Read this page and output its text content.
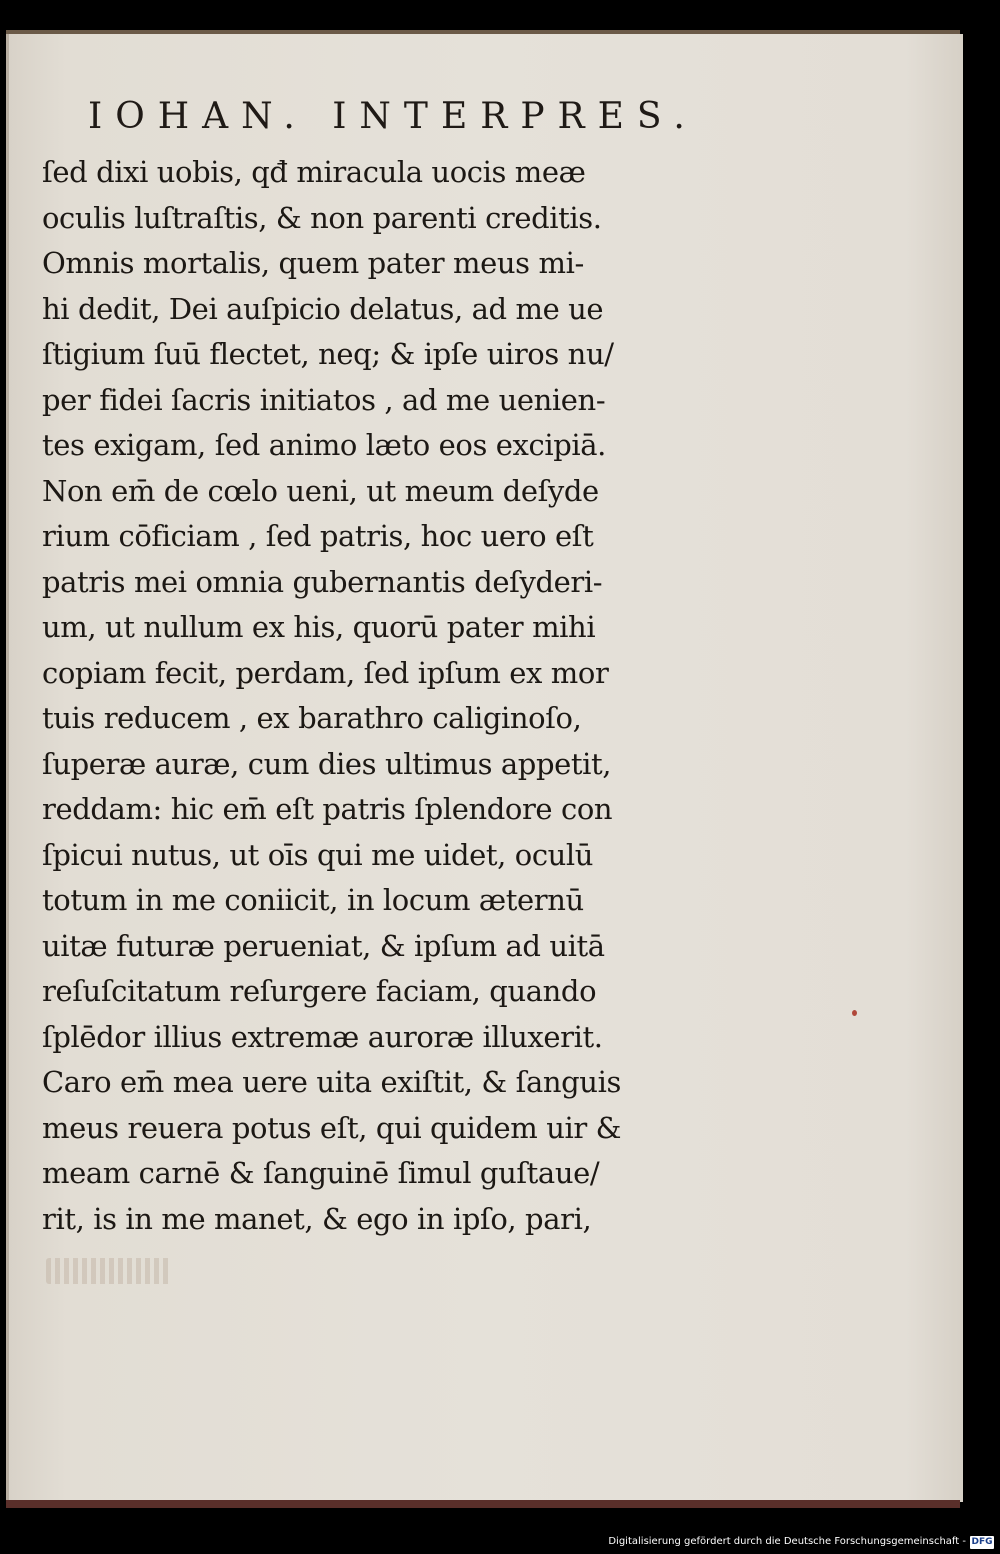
IOHAN. INTERPRES.
ſed dixi uobis, qđ miracula uocis meæ
oculis luſtraſtis, & non parenti creditis.
Omnis mortalis, quem pater meus mi-
hi dedit, Dei auſpicio delatus, ad me ue
ſtigium ſuū flectet, neq; & ipſe uiros nu/
per fidei ſacris initiatos , ad me uenien-
tes exigam, ſed animo læto eos excipiā.
Non em̄ de cœlo ueni, ut meum deſyde
rium cōficiam , ſed patris, hoc uero eſt
patris mei omnia gubernantis deſyderi-
um, ut nullum ex his, quorū pater mihi
copiam fecit, perdam, ſed ipſum ex mor
tuis reducem , ex barathro caliginoſo,
ſuperæ auræ, cum dies ultimus appetit,
reddam: hic em̄ eſt patris ſplendore con
ſpicui nutus, ut oīs qui me uidet, oculū
totum in me coniicit, in locum æternū
uitæ futuræ perueniat, & ipſum ad uitā
reſuſcitatum reſurgere faciam, quando
ſplēdor illius extremæ auroræ illuxerit.
Caro em̄ mea uere uita exiſtit, & ſanguis
meus reuera potus eſt, qui quidem uir &
meam carnē & ſanguinē ſimul guſtaue/
rit, is in me manet, & ego in ipſo, pari,
Digitalisierung gefördert durch die Deutsche Forschungsgemeinschaft - DFG
